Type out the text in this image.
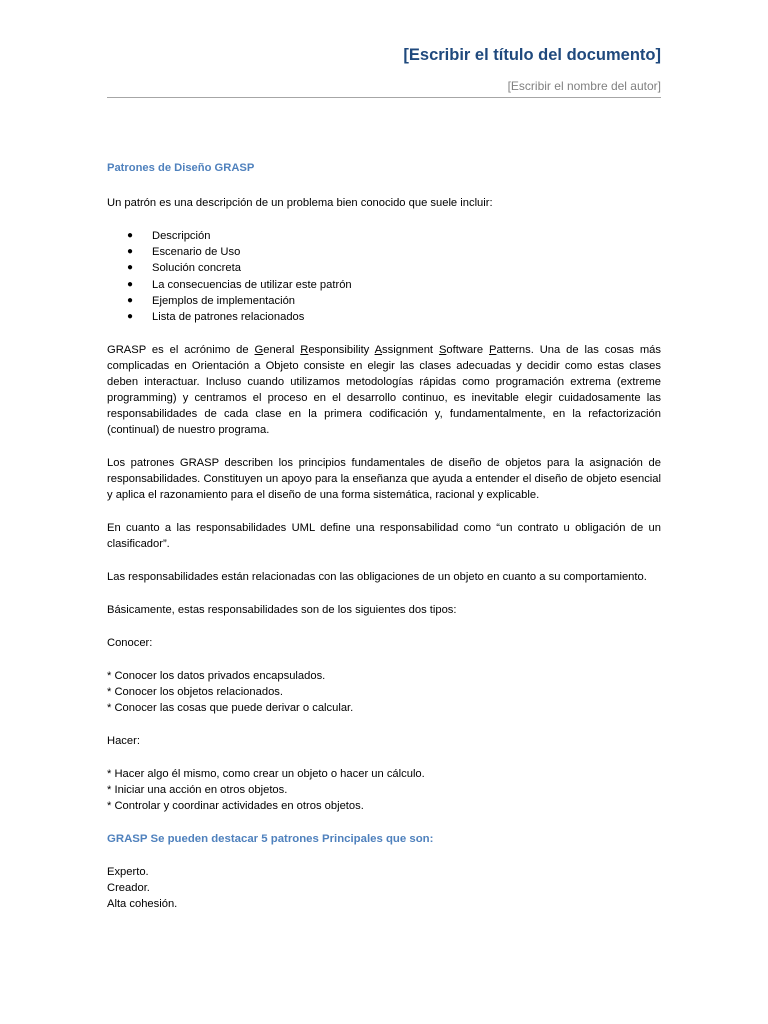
[Escribir el título del documento]
[Escribir el nombre del autor]

Patrones de Diseño GRASP

Un patrón es una descripción de un problema bien conocido que suele incluir:

● Descripción
● Escenario de Uso
● Solución concreta
● La consecuencias de utilizar este patrón
● Ejemplos de implementación
● Lista de patrones relacionados

GRASP es el acrónimo de General Responsibility Assignment Software Patterns. Una de las cosas más complicadas en Orientación a Objeto consiste en elegir las clases adecuadas y decidir como estas clases deben interactuar. Incluso cuando utilizamos metodologías rápidas como programación extrema (extreme programming) y centramos el proceso en el desarrollo continuo, es inevitable elegir cuidadosamente las responsabilidades de cada clase en la primera codificación y, fundamentalmente, en la refactorización (continual) de nuestro programa.

Los patrones GRASP describen los principios fundamentales de diseño de objetos para la asignación de responsabilidades. Constituyen un apoyo para la enseñanza que ayuda a entender el diseño de objeto esencial y aplica el razonamiento para el diseño de una forma sistemática, racional y explicable.

En cuanto a las responsabilidades UML define una responsabilidad como “un contrato u obligación de un clasificador”.

Las responsabilidades están relacionadas con las obligaciones de un objeto en cuanto a su comportamiento.

Básicamente, estas responsabilidades son de los siguientes dos tipos:

Conocer:

* Conocer los datos privados encapsulados.

* Conocer los objetos relacionados.

* Conocer las cosas que puede derivar o calcular.

Hacer:

* Hacer algo él mismo, como crear un objeto o hacer un cálculo.

* Iniciar una acción en otros objetos.

* Controlar y coordinar actividades en otros objetos.

GRASP Se pueden destacar 5 patrones Principales que son:

Experto.

Creador.

Alta cohesión.
